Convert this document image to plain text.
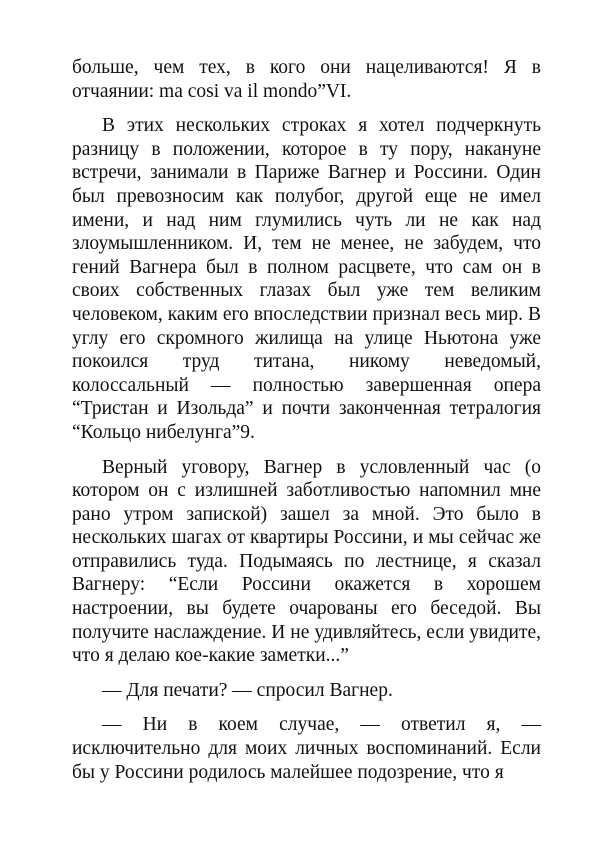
больше, чем тех, в кого они нацеливаются! Я в отчаянии: ma cosi va il mondo”VI.

В этих нескольких строках я хотел подчеркнуть разницу в положении, которое в ту пору, накануне встречи, занимали в Париже Вагнер и Россини. Один был превозносим как полубог, другой еще не имел имени, и над ним глумились чуть ли не как над злоумышленником. И, тем не менее, не забудем, что гений Вагнера был в полном расцвете, что сам он в своих собственных глазах был уже тем великим человеком, каким его впоследствии признал весь мир. В углу его скромного жилища на улице Ньютона уже покоился труд титана, никому неведомый, колоссальный — полностью завершенная опера “Тристан и Изольда” и почти законченная тетралогия “Кольцо нибелунга”9.

Верный уговору, Вагнер в условленный час (о котором он с излишней заботливостью напомнил мне рано утром запиской) зашел за мной. Это было в нескольких шагах от квартиры Россини, и мы сейчас же отправились туда. Подымаясь по лестнице, я сказал Вагнеру: “Если Россини окажется в хорошем настроении, вы будете очарованы его беседой. Вы получите наслаждение. И не удивляйтесь, если увидите, что я делаю кое-какие заметки...”

— Для печати? — спросил Вагнер.

— Ни в коем случае, — ответил я, — исключительно для моих личных воспоминаний. Если бы у Россини родилось малейшее подозрение, что я
